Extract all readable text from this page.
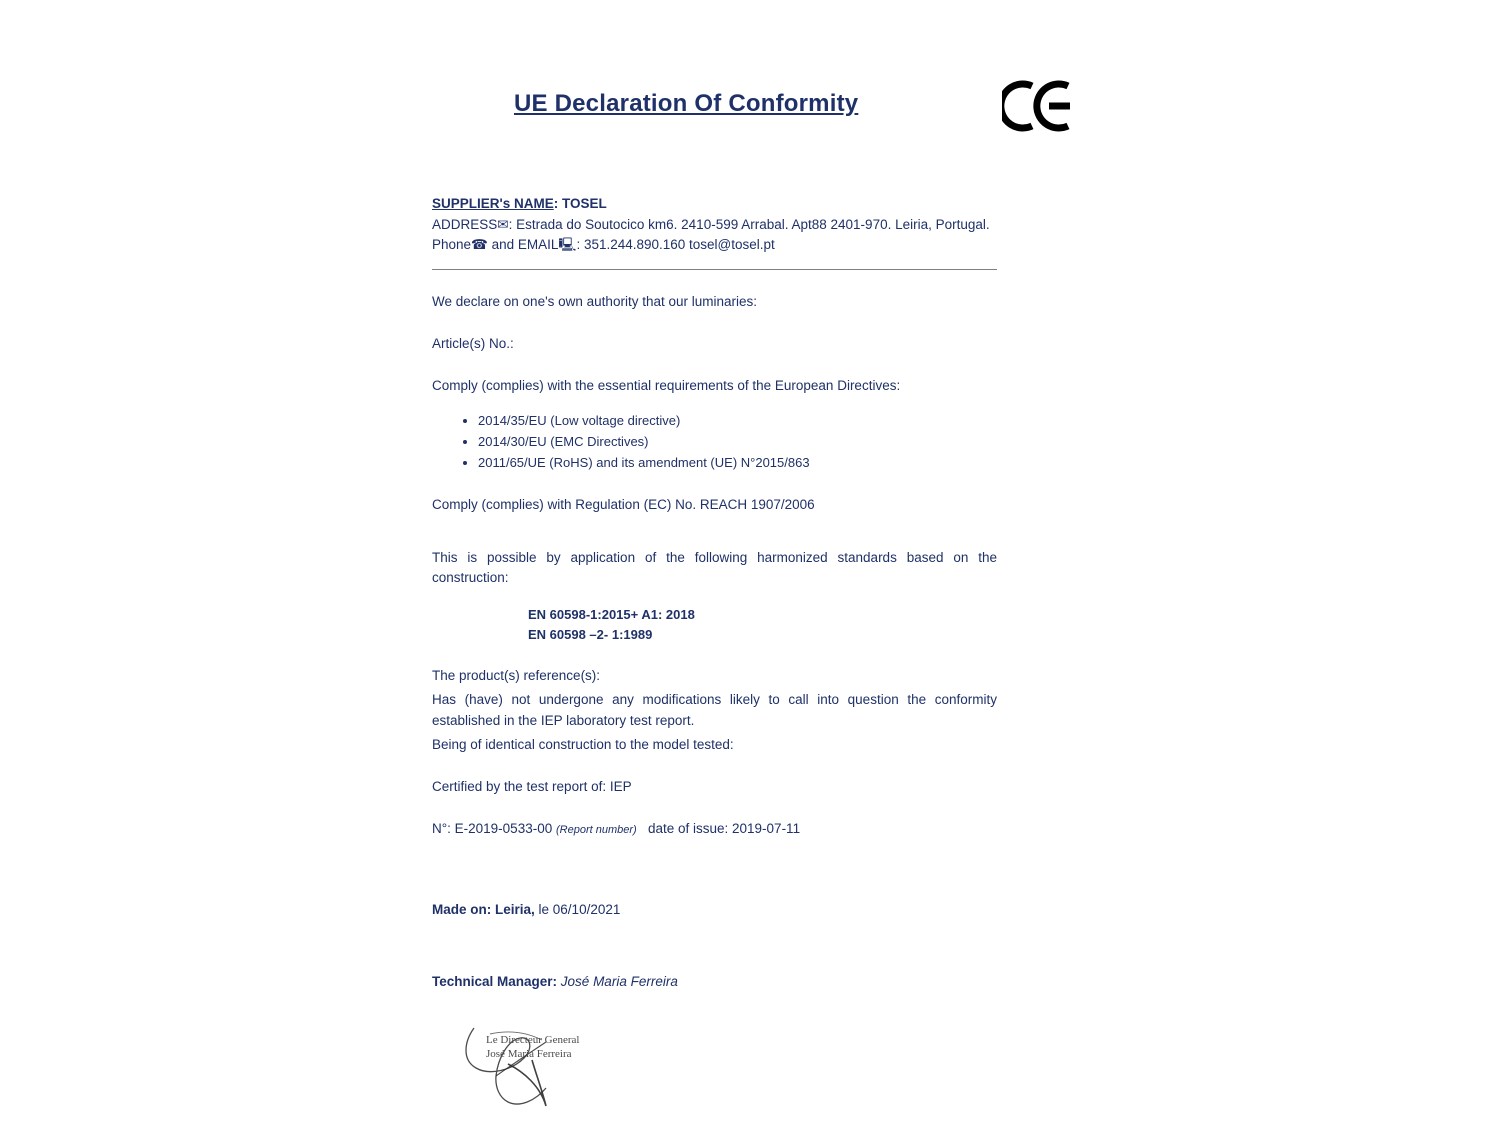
UE Declaration Of Conformity
SUPPLIER's NAME: TOSEL
ADDRESS✉: Estrada do Soutocico km6. 2410-599 Arrabal. Apt88 2401-970. Leiria, Portugal.
Phone☎ and EMAIL🖳: 351.244.890.160 tosel@tosel.pt
We declare on one's own authority that our luminaries:
Article(s) No.:
Comply (complies) with the essential requirements of the European Directives:
• 2014/35/EU (Low voltage directive)
• 2014/30/EU (EMC Directives)
• 2011/65/UE (RoHS) and its amendment (UE) N°2015/863
Comply (complies) with Regulation (EC) No. REACH 1907/2006
This is possible by application of the following harmonized standards based on the construction:
EN 60598-1:2015+ A1: 2018
EN 60598 –2- 1:1989
The product(s) reference(s):
Has (have) not undergone any modifications likely to call into question the conformity established in the IEP laboratory test report.
Being of identical construction to the model tested:
Certified by the test report of: IEP
N°: E-2019-0533-00 (Report number) date of issue: 2019-07-11
Made on: Leiria, le 06/10/2021
Technical Manager: José Maria Ferreira
Le Directeur General
José Maria Ferreira
